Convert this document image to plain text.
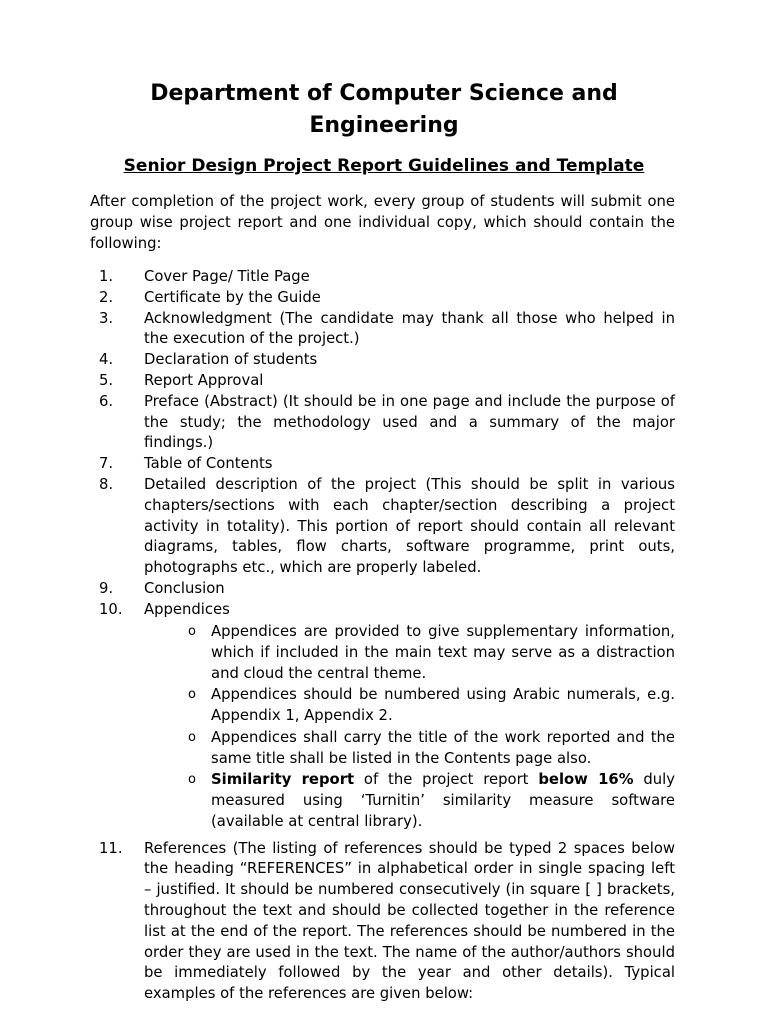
Department of Computer Science and Engineering
Senior Design Project Report Guidelines and Template

After completion of the project work, every group of students will submit one group wise project report and one individual copy, which should contain the following:

1. Cover Page/ Title Page
2. Certificate by the Guide
3. Acknowledgment (The candidate may thank all those who helped in the execution of the project.)
4. Declaration of students
5. Report Approval
6. Preface (Abstract) (It should be in one page and include the purpose of the study; the methodology used and a summary of the major findings.)
7. Table of Contents
8. Detailed description of the project (This should be split in various chapters/sections with each chapter/section describing a project activity in totality). This portion of report should contain all relevant diagrams, tables, flow charts, software programme, print outs, photographs etc., which are properly labeled.
9. Conclusion
10. Appendices
o Appendices are provided to give supplementary information, which if included in the main text may serve as a distraction and cloud the central theme.
o Appendices should be numbered using Arabic numerals, e.g. Appendix 1, Appendix 2.
o Appendices shall carry the title of the work reported and the same title shall be listed in the Contents page also.
o Similarity report of the project report below 16% duly measured using ‘Turnitin’ similarity measure software (available at central library).
11. References (The listing of references should be typed 2 spaces below the heading “REFERENCES” in alphabetical order in single spacing left – justified. It should be numbered consecutively (in square [ ] brackets, throughout the text and should be collected together in the reference list at the end of the report. The references should be numbered in the order they are used in the text. The name of the author/authors should be immediately followed by the year and other details). Typical examples of the references are given below:
